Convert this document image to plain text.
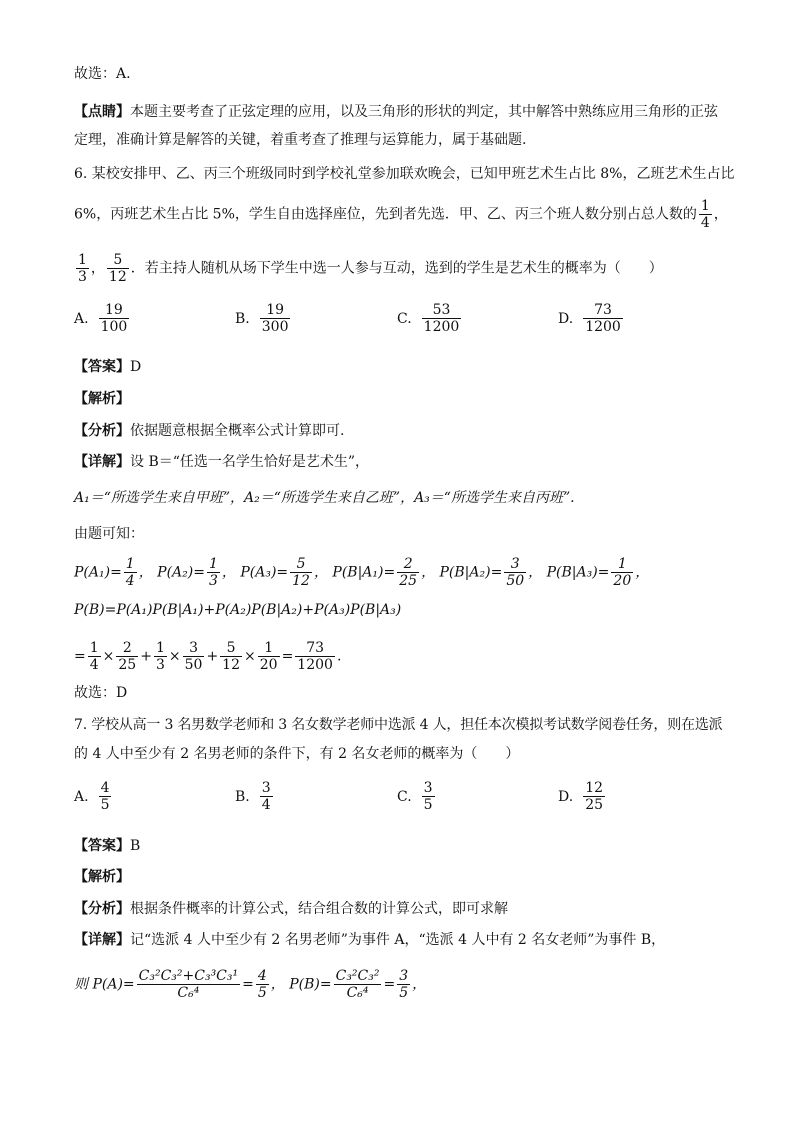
故选：A.
【点睛】本题主要考查了正弦定理的应用，以及三角形的形状的判定，其中解答中熟练应用三角形的正弦
定理，准确计算是解答的关键，着重考查了推理与运算能力，属于基础题.
6. 某校安排甲、乙、丙三个班级同时到学校礼堂参加联欢晚会，已知甲班艺术生占比 8%，乙班艺术生占比
6%，丙班艺术生占比 5%，学生自由选择座位，先到者先选．甲、乙、丙三个班人数分别占总人数的 $\frac{1}{4}$ ，
$\frac{1}{3}$ ， $\frac{5}{12}$ ．若主持人随机从场下学生中选一人参与互动，选到的学生是艺术生的概率为（　　）
A. $\frac{19}{100}$	B. $\frac{19}{300}$	C. $\frac{53}{1200}$	D. $\frac{73}{1200}$
【答案】D
【解析】
【分析】依据题意根据全概率公式计算即可.
【详解】设 B＝“任选一名学生恰好是艺术生”，
A₁＝“所选学生来自甲班”，A₂＝“所选学生来自乙班”，A₃＝“所选学生来自丙班”.
由题可知：
$P(A_1)= \frac{1}{4}$ ， $P(A_2)= \frac{1}{3}$ ， $P(A_3)= \frac{5}{12}$ ， $P(B|A_1)= \frac{2}{25}$ ， $P(B|A_2)= \frac{3}{50}$ ， $P(B|A_3)= \frac{1}{20}$ ，
P(B)=P(A₁)P(B|A₁)+P(A₂)P(B|A₂)+P(A₃)P(B|A₃)
= $\frac{1}{4} \times \frac{2}{25} + \frac{1}{3} \times \frac{3}{50} + \frac{5}{12} \times \frac{1}{20} = \frac{73}{1200}$ .
故选：D
7. 学校从高一 3 名男数学老师和 3 名女数学老师中选派 4 人，担任本次模拟考试数学阅卷任务，则在选派
的 4 人中至少有 2 名男老师的条件下，有 2 名女老师的概率为（　　）
A. $\frac{4}{5}$	B. $\frac{3}{4}$	C. $\frac{3}{5}$	D. $\frac{12}{25}$
【答案】B
【解析】
【分析】根据条件概率的计算公式，结合组合数的计算公式，即可求解
【详解】记“选派 4 人中至少有 2 名男老师”为事件 A，“选派 4 人中有 2 名女老师”为事件 B，
则 $P(A)= \frac{\text{C₃²C₃²+C₃³C₃¹}}{\text{C₆⁴}} = \frac{4}{5}$ ， $P(B)= \frac{\text{C₃²C₃²}}{\text{C₆⁴}} = \frac{3}{5}$ ，
